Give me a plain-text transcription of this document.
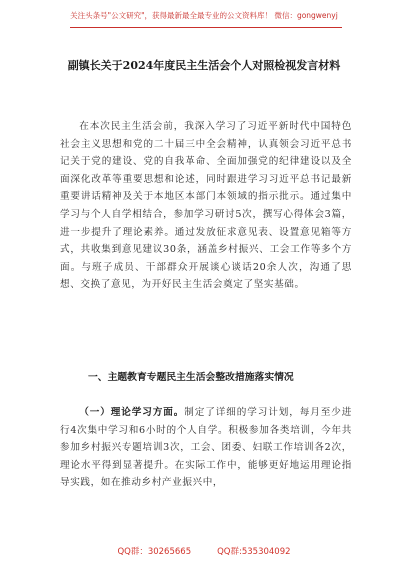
关注头条号"公文研究"，获得最新最全最专业的公文资料库！ 微信：gongwenyj
副镇长关于2024年度民主生活会个人对照检视发言材料

在本次民主生活会前，我深入学习了习近平新时代中国特色社会主义思想和党的二十届三中全会精神，认真领会习近平总书记关于党的建设、党的自我革命、全面加强党的纪律建设以及全面深化改革等重要思想和论述，同时跟进学习习近平总书记最新重要讲话精神及关于本地区本部门本领域的指示批示。通过集中学习与个人自学相结合，参加学习研讨5次，撰写心得体会3篇，进一步提升了理论素养。通过发放征求意见表、设置意见箱等方式，共收集到意见建议30条，涵盖乡村振兴、工会工作等多个方面。与班子成员、干部群众开展谈心谈话20余人次，沟通了思想、交换了意见，为开好民主生活会奠定了坚实基础。

一、主题教育专题民主生活会整改措施落实情况

（一）理论学习方面。制定了详细的学习计划，每月至少进行4次集中学习和6小时的个人自学。积极参加各类培训，今年共参加乡村振兴专题培训3次，工会、团委、妇联工作培训各2次，理论水平得到显著提升。在实际工作中，能够更好地运用理论指导实践，如在推动乡村产业振兴中，

QQ群：30265665	QQ群:535304092
